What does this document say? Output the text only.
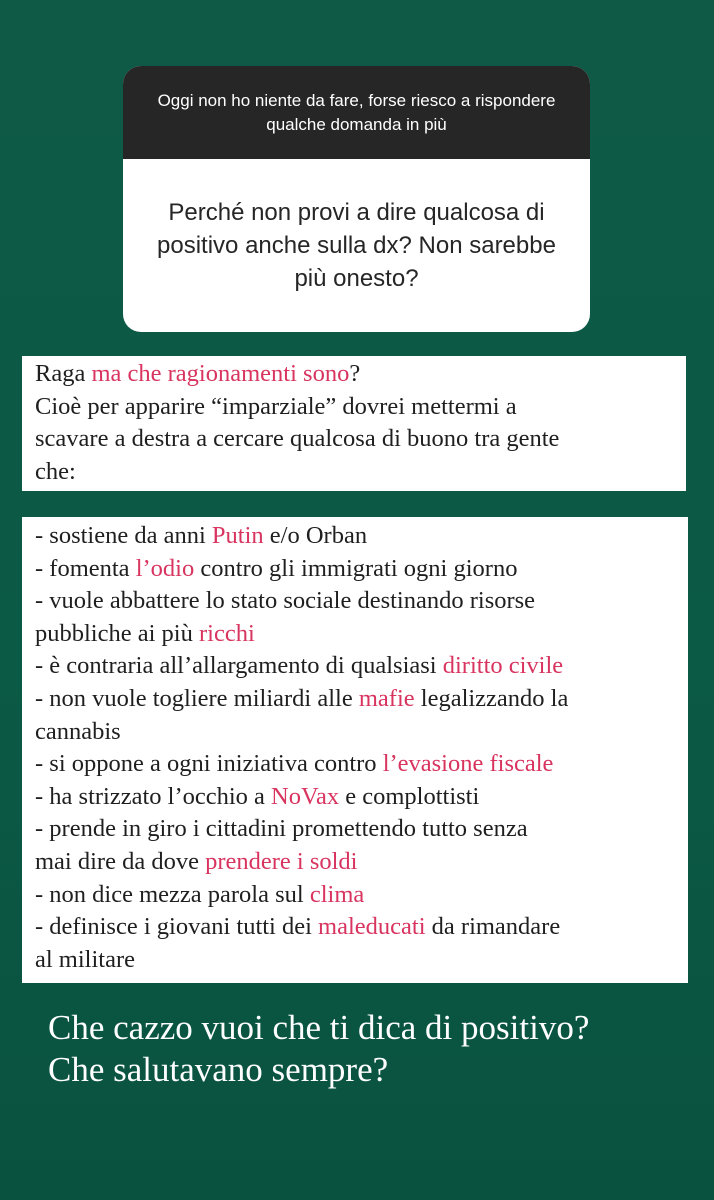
Oggi non ho niente da fare, forse riesco a rispondere qualche domanda in più
Perché non provi a dire qualcosa di positivo anche sulla dx? Non sarebbe più onesto?
Raga ma che ragionamenti sono?
Cioè per apparire “imparziale” dovrei mettermi a
scavare a destra a cercare qualcosa di buono tra gente
che:
- sostiene da anni Putin e/o Orban
- fomenta l’odio contro gli immigrati ogni giorno
- vuole abbattere lo stato sociale destinando risorse
pubbliche ai più ricchi
- è contraria all’allargamento di qualsiasi diritto civile
- non vuole togliere miliardi alle mafie legalizzando la
cannabis
- si oppone a ogni iniziativa contro l’evasione fiscale
- ha strizzato l’occhio a NoVax e complottisti
- prende in giro i cittadini promettendo tutto senza
mai dire da dove prendere i soldi
- non dice mezza parola sul clima
- definisce i giovani tutti dei maleducati da rimandare
al militare
Che cazzo vuoi che ti dica di positivo?
Che salutavano sempre?
